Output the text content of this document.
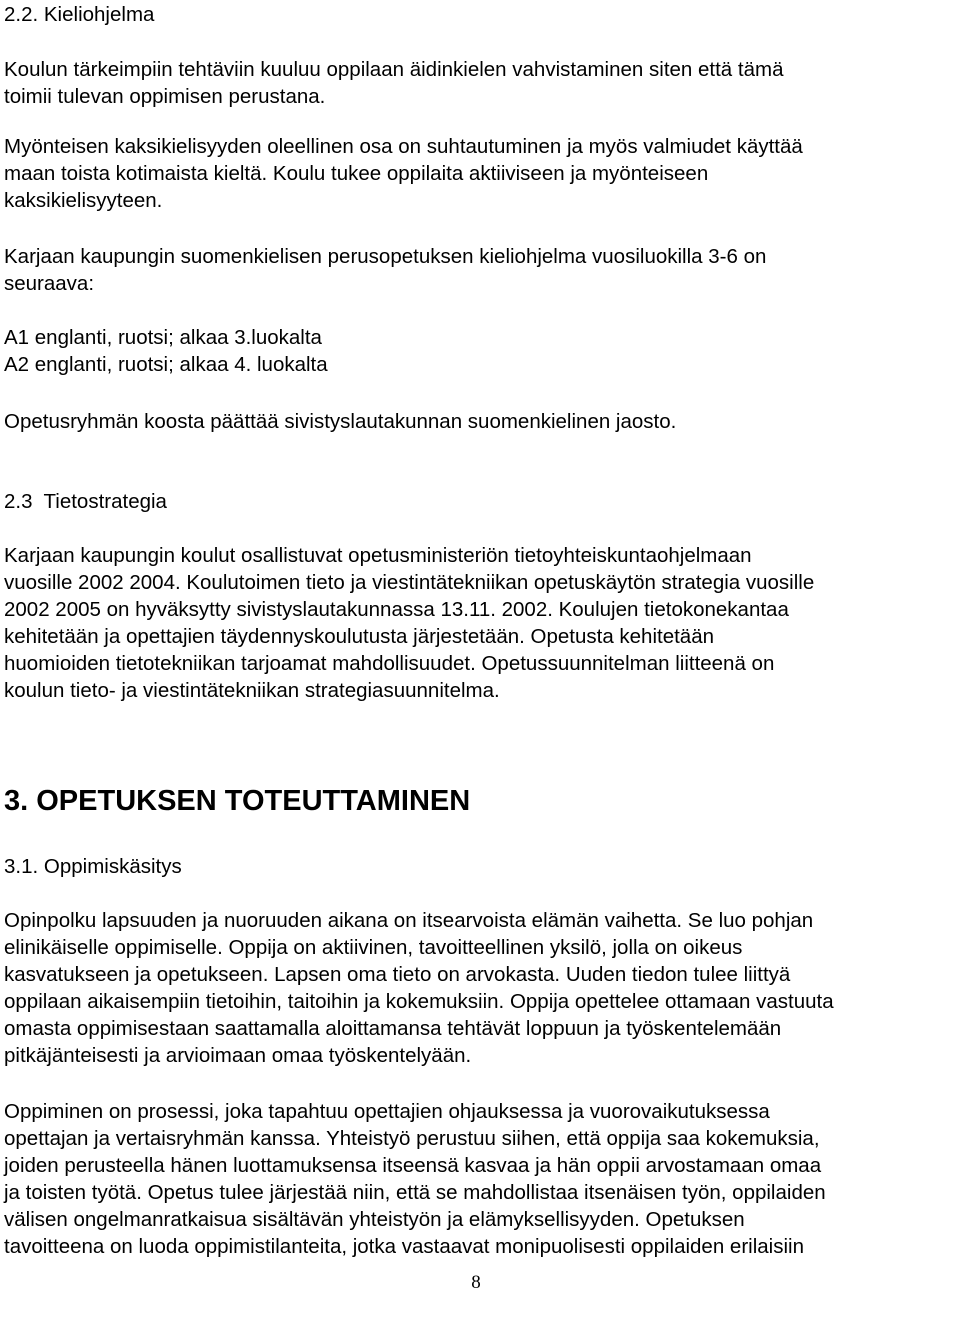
2.2. Kieliohjelma

Koulun tärkeimpiin tehtäviin kuuluu oppilaan äidinkielen vahvistaminen siten että tämä

toimii tulevan oppimisen perustana.

Myönteisen kaksikielisyyden oleellinen osa on suhtautuminen ja myös valmiudet käyttää

maan toista kotimaista kieltä. Koulu tukee oppilaita aktiiviseen ja myönteiseen

kaksikielisyyteen.

Karjaan kaupungin suomenkielisen perusopetuksen kieliohjelma vuosiluokilla 3-6 on

seuraava:

A1 englanti, ruotsi; alkaa 3.luokalta

A2 englanti, ruotsi; alkaa 4. luokalta

Opetusryhmän koosta päättää sivistyslautakunnan suomenkielinen jaosto.

2.3  Tietostrategia

Karjaan kaupungin koulut osallistuvat opetusministeriön tietoyhteiskuntaohjelmaan

vuosille 2002 2004. Koulutoimen tieto ja viestintätekniikan opetuskäytön strategia vuosille

2002 2005 on hyväksytty sivistyslautakunnassa 13.11. 2002. Koulujen tietokonekantaa

kehitetään ja opettajien täydennyskoulutusta järjestetään. Opetusta kehitetään

huomioiden tietotekniikan tarjoamat mahdollisuudet. Opetussuunnitelman liitteenä on

koulun tieto- ja viestintätekniikan strategiasuunnitelma.

3. OPETUKSEN TOTEUTTAMINEN

3.1. Oppimiskäsitys

Opinpolku lapsuuden ja nuoruuden aikana on itsearvoista elämän vaihetta. Se luo pohjan

elinikäiselle oppimiselle. Oppija on aktiivinen, tavoitteellinen yksilö, jolla on oikeus

kasvatukseen ja opetukseen. Lapsen oma tieto on arvokasta. Uuden tiedon tulee liittyä

oppilaan aikaisempiin tietoihin, taitoihin ja kokemuksiin. Oppija opettelee ottamaan vastuuta

omasta oppimisestaan saattamalla aloittamansa tehtävät loppuun ja työskentelemään

pitkäjänteisesti ja arvioimaan omaa työskentelyään.

Oppiminen on prosessi, joka tapahtuu opettajien ohjauksessa ja vuorovaikutuksessa

opettajan ja vertaisryhmän kanssa. Yhteistyö perustuu siihen, että oppija saa kokemuksia,

joiden perusteella hänen luottamuksensa itseensä kasvaa ja hän oppii arvostamaan omaa

ja toisten työtä. Opetus tulee järjestää niin, että se mahdollistaa itsenäisen työn, oppilaiden

välisen ongelmanratkaisua sisältävän yhteistyön ja elämyksellisyyden. Opetuksen

tavoitteena on luoda oppimistilanteita, jotka vastaavat monipuolisesti oppilaiden erilaisiin

8
